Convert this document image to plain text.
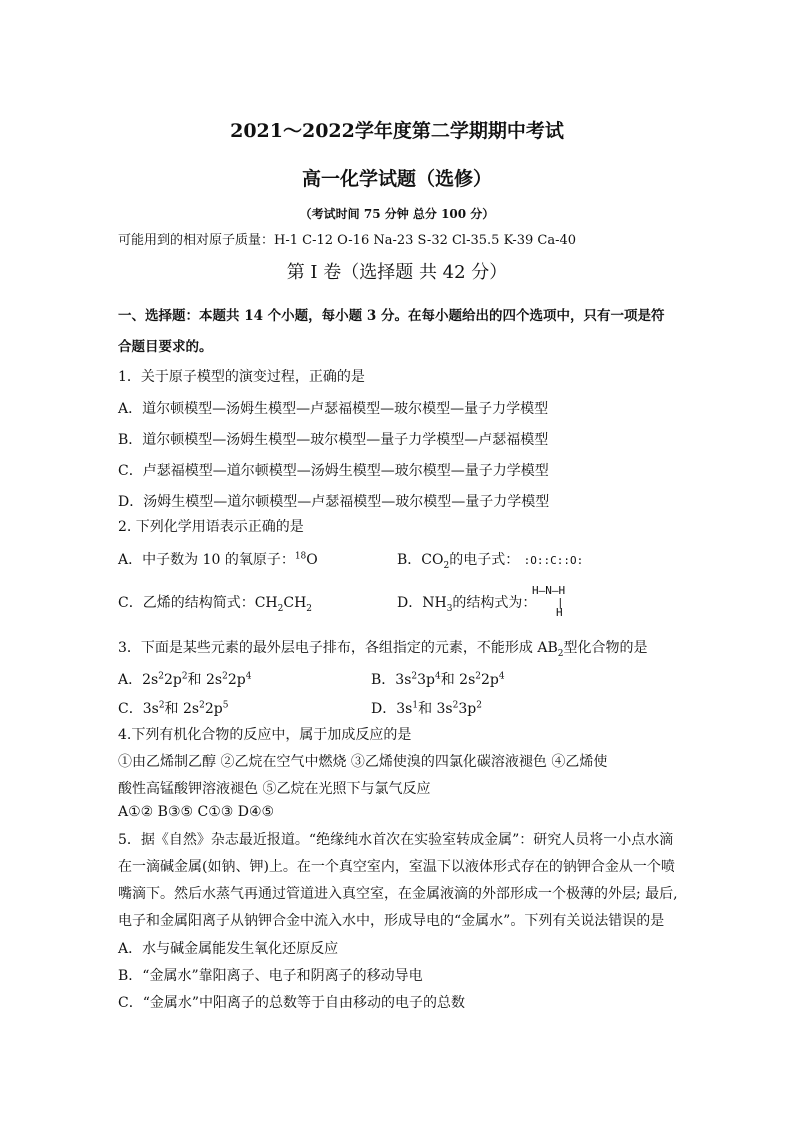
2021～2022学年度第二学期期中考试
高一化学试题（选修）
（考试时间 75 分钟 总分 100 分）
可能用到的相对原子质量：H-1 C-12 O-16 Na-23 S-32 Cl-35.5 K-39 Ca-40
第 I 卷（选择题 共 42 分）
一、选择题：本题共 14 个小题，每小题 3 分。在每小题给出的四个选项中，只有一项是符
合题目要求的。
1．关于原子模型的演变过程，正确的是
A．道尔顿模型—汤姆生模型—卢瑟福模型—玻尔模型—量子力学模型
B．道尔顿模型—汤姆生模型—玻尔模型—量子力学模型—卢瑟福模型
C．卢瑟福模型—道尔顿模型—汤姆生模型—玻尔模型—量子力学模型
D．汤姆生模型—道尔顿模型—卢瑟福模型—玻尔模型—量子力学模型
2. 下列化学用语表示正确的是
A．中子数为 10 的氧原子：$^{18}$O	B．$CO_2$的电子式： :O::C::O:
C．乙烯的结构简式：$CH_2CH_2$	D．$NH_3$的结构式为：
H—N—H
|
H
3．下面是某些元素的最外层电子排布，各组指定的元素，不能形成 $AB_2$型化合物的是
A．$2s^22p^2$和 $2s^22p^4$	B．$3s^23p^4$和 $2s^22p^4$
C．$3s^2$和 $2s^22p^5$	D．$3s^1$和 $3s^23p^2$
4.下列有机化合物的反应中，属于加成反应的是
①由乙烯制乙醇 ②乙烷在空气中燃烧 ③乙烯使溴的四氯化碳溶液褪色 ④乙烯使
酸性高锰酸钾溶液褪色 ⑤乙烷在光照下与氯气反应
A①② B③⑤ C①③ D④⑤
5．据《自然》杂志最近报道。“绝缘纯水首次在实验室转成金属”：研究人员将一小点水滴
在一滴碱金属(如钠、钾)上。在一个真空室内，室温下以液体形式存在的钠钾合金从一个喷
嘴滴下。然后水蒸气再通过管道进入真空室，在金属液滴的外部形成一个极薄的外层; 最后,
电子和金属阳离子从钠钾合金中流入水中，形成导电的“金属水”。下列有关说法错误的是
A．水与碱金属能发生氧化还原反应
B．“金属水”靠阳离子、电子和阴离子的移动导电
C．“金属水”中阳离子的总数等于自由移动的电子的总数
